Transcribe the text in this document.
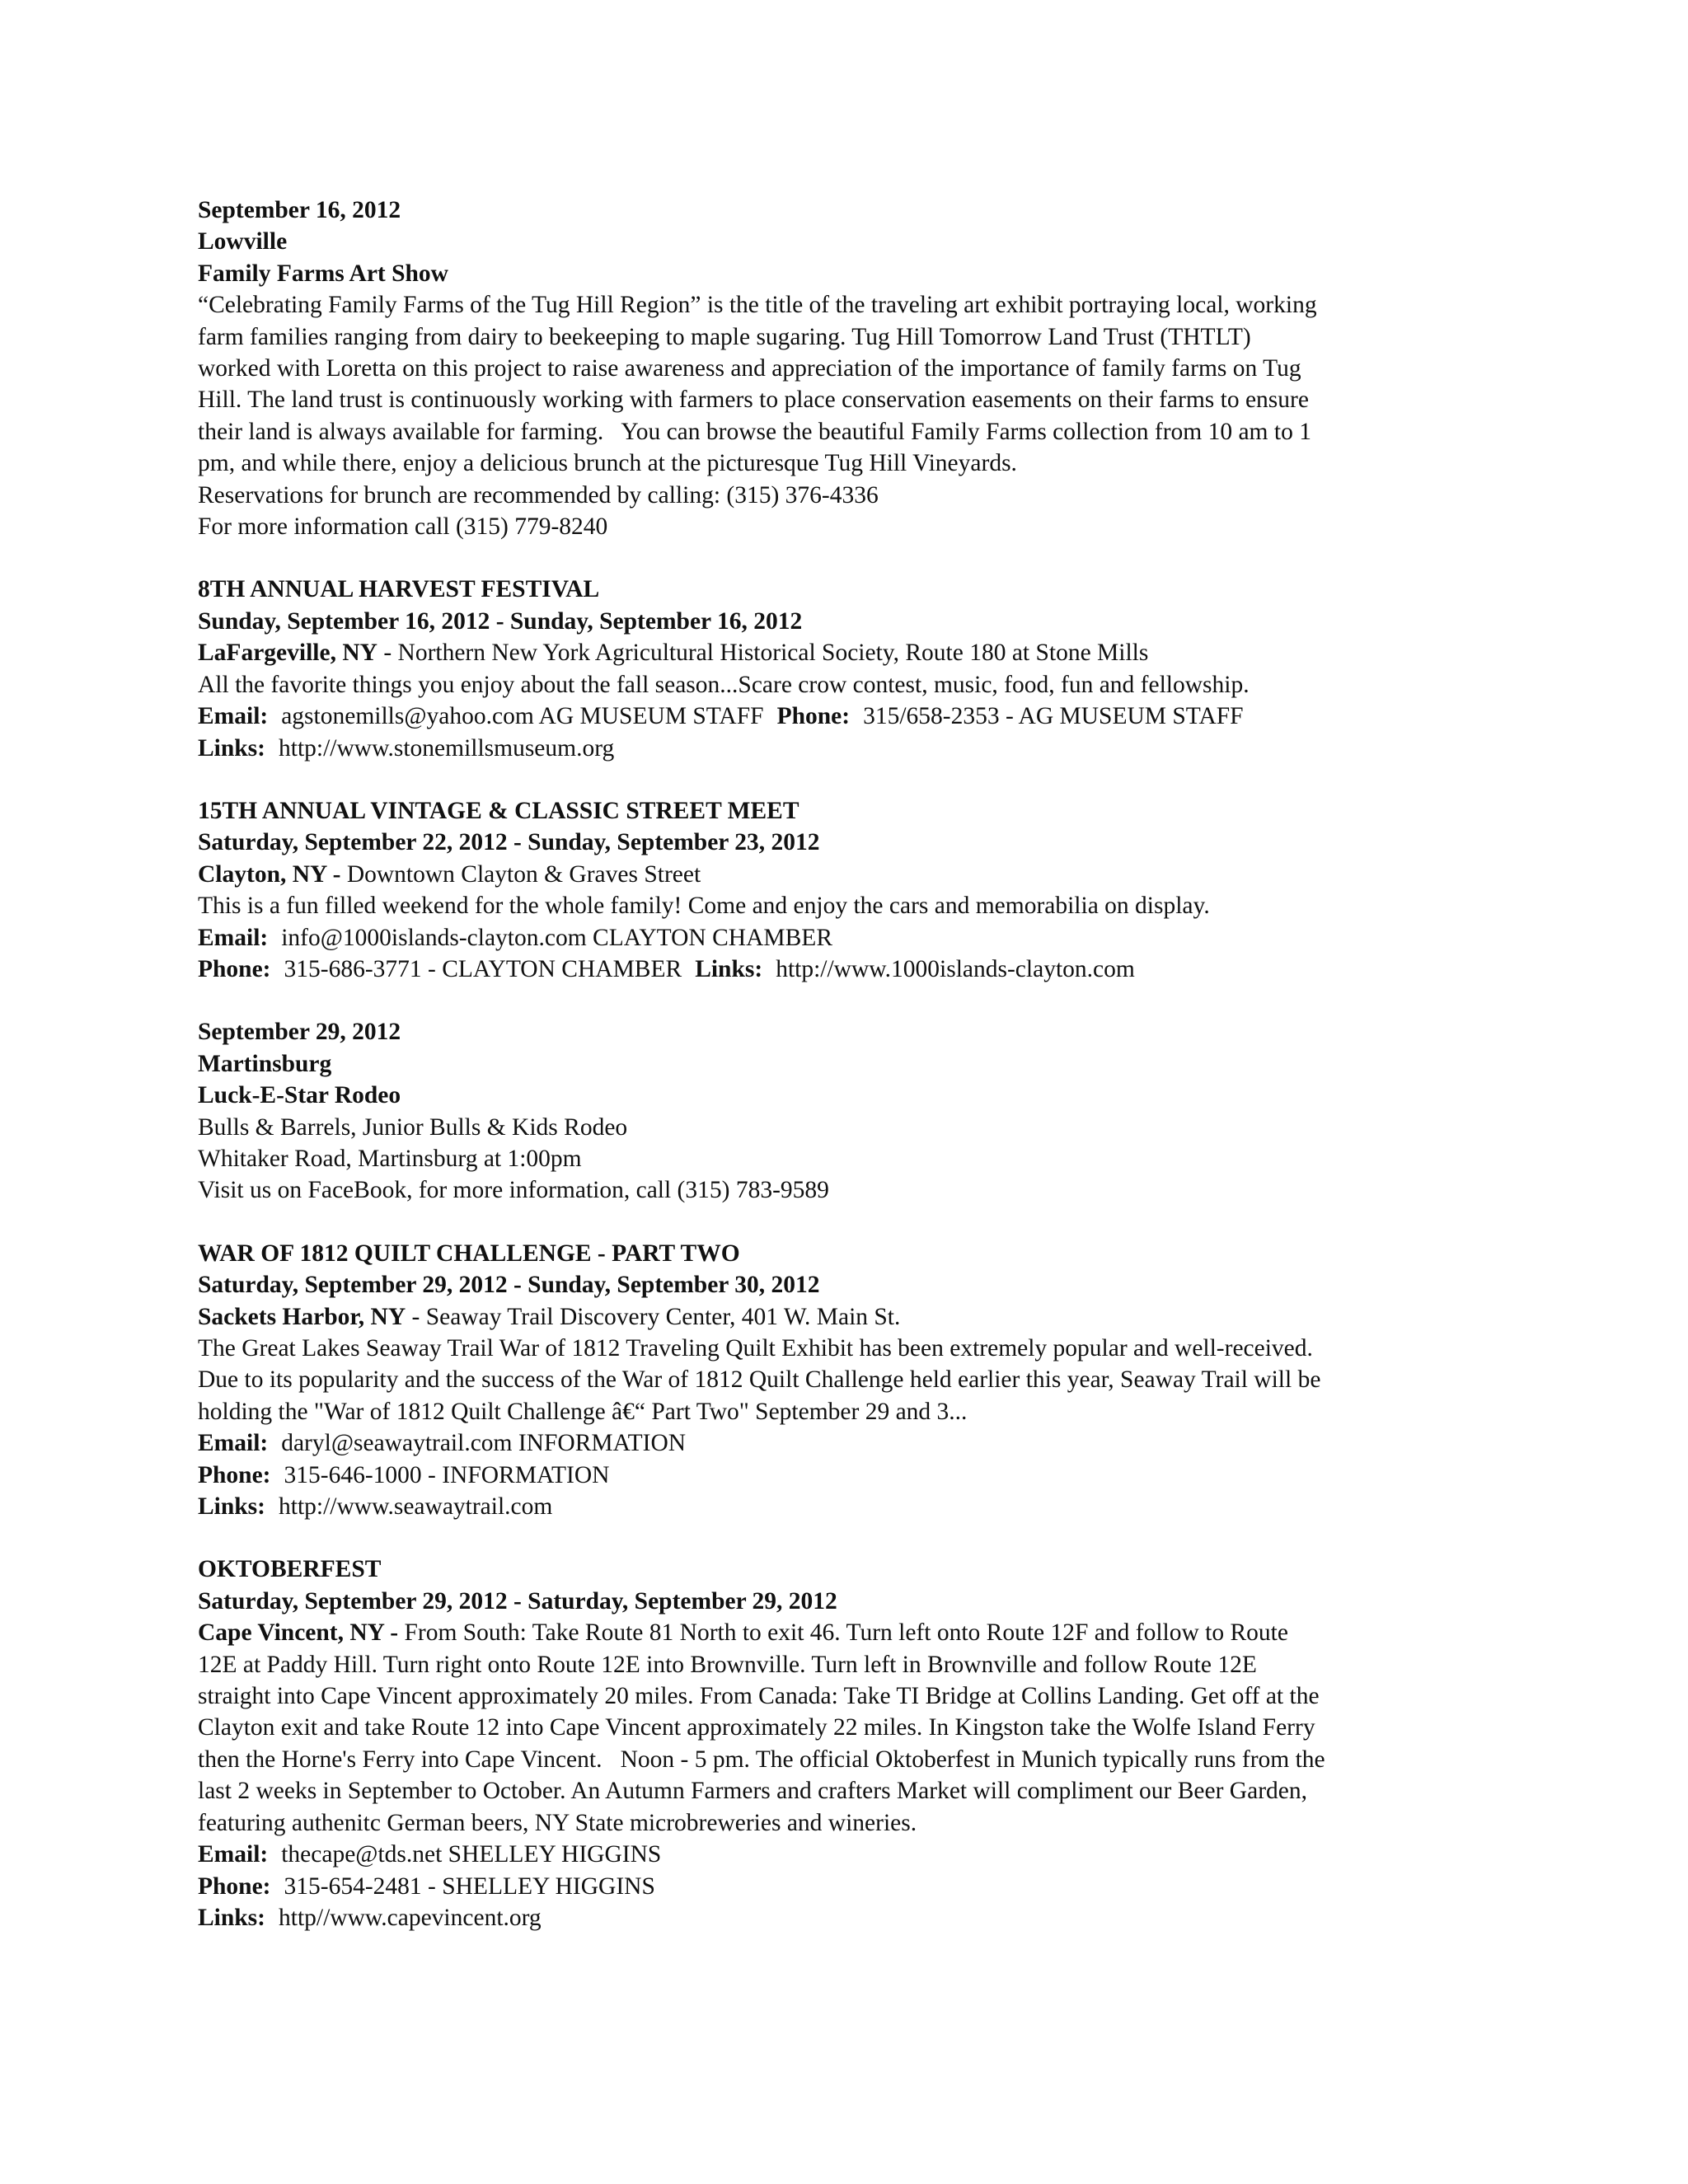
September 16, 2012
Lowville
Family Farms Art Show
“Celebrating Family Farms of the Tug Hill Region” is the title of the traveling art exhibit portraying local, working
farm families ranging from dairy to beekeeping to maple sugaring. Tug Hill Tomorrow Land Trust (THTLT)
worked with Loretta on this project to raise awareness and appreciation of the importance of family farms on Tug
Hill. The land trust is continuously working with farmers to place conservation easements on their farms to ensure
their land is always available for farming.   You can browse the beautiful Family Farms collection from 10 am to 1
pm, and while there, enjoy a delicious brunch at the picturesque Tug Hill Vineyards.
Reservations for brunch are recommended by calling: (315) 376-4336
For more information call (315) 779-8240
8TH ANNUAL HARVEST FESTIVAL
Sunday, September 16, 2012 - Sunday, September 16, 2012
LaFargeville, NY - Northern New York Agricultural Historical Society, Route 180 at Stone Mills
All the favorite things you enjoy about the fall season...Scare crow contest, music, food, fun and fellowship.
Email: agstonemills@yahoo.com AG MUSEUM STAFF Phone: 315/658-2353 - AG MUSEUM STAFF
Links: http://www.stonemillsmuseum.org
15TH ANNUAL VINTAGE & CLASSIC STREET MEET
Saturday, September 22, 2012 - Sunday, September 23, 2012
Clayton, NY - Downtown Clayton & Graves Street
This is a fun filled weekend for the whole family! Come and enjoy the cars and memorabilia on display.
Email: info@1000islands-clayton.com CLAYTON CHAMBER
Phone: 315-686-3771 - CLAYTON CHAMBER Links: http://www.1000islands-clayton.com
September 29, 2012
Martinsburg
Luck-E-Star Rodeo
Bulls & Barrels, Junior Bulls & Kids Rodeo
Whitaker Road, Martinsburg at 1:00pm
Visit us on FaceBook, for more information, call (315) 783-9589
WAR OF 1812 QUILT CHALLENGE - PART TWO
Saturday, September 29, 2012 - Sunday, September 30, 2012
Sackets Harbor, NY - Seaway Trail Discovery Center, 401 W. Main St.
The Great Lakes Seaway Trail War of 1812 Traveling Quilt Exhibit has been extremely popular and well-received.
Due to its popularity and the success of the War of 1812 Quilt Challenge held earlier this year, Seaway Trail will be
holding the "War of 1812 Quilt Challenge â€“ Part Two" September 29 and 3...
Email: daryl@seawaytrail.com INFORMATION
Phone: 315-646-1000 - INFORMATION
Links: http://www.seawaytrail.com
OKTOBERFEST
Saturday, September 29, 2012 - Saturday, September 29, 2012
Cape Vincent, NY - From South: Take Route 81 North to exit 46. Turn left onto Route 12F and follow to Route
12E at Paddy Hill. Turn right onto Route 12E into Brownville. Turn left in Brownville and follow Route 12E
straight into Cape Vincent approximately 20 miles. From Canada: Take TI Bridge at Collins Landing. Get off at the
Clayton exit and take Route 12 into Cape Vincent approximately 22 miles. In Kingston take the Wolfe Island Ferry
then the Horne's Ferry into Cape Vincent.   Noon - 5 pm. The official Oktoberfest in Munich typically runs from the
last 2 weeks in September to October. An Autumn Farmers and crafters Market will compliment our Beer Garden,
featuring authenitc German beers, NY State microbreweries and wineries.
Email: thecape@tds.net SHELLEY HIGGINS
Phone: 315-654-2481 - SHELLEY HIGGINS
Links: http//www.capevincent.org
